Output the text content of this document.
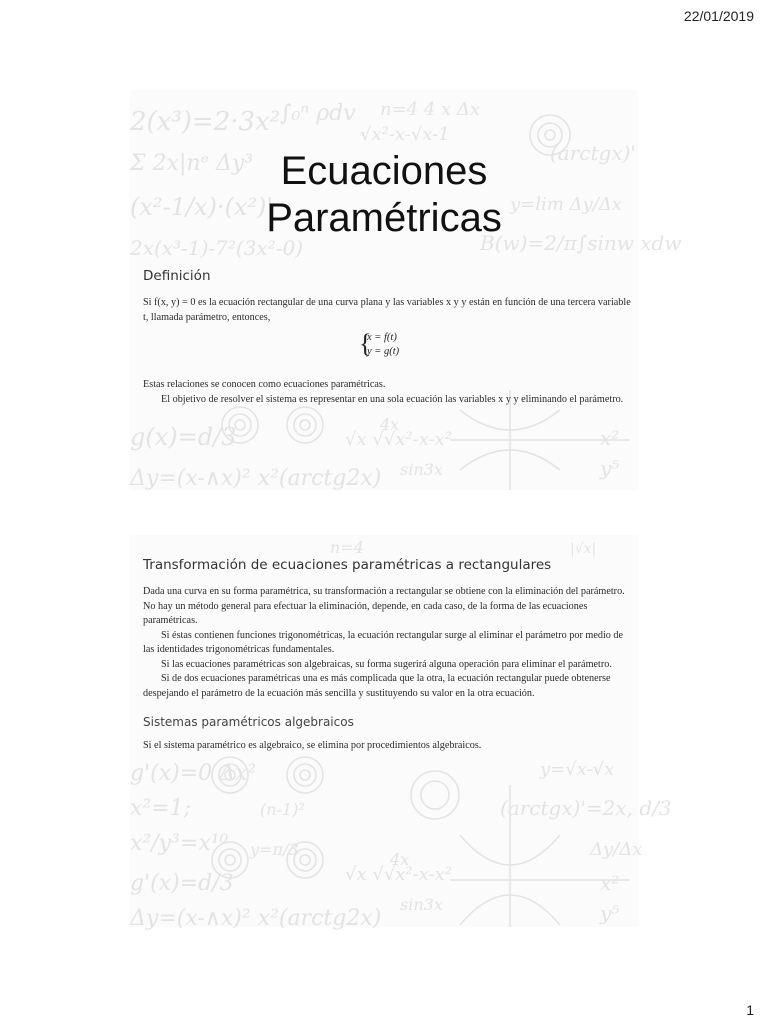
22/01/2019
2(x³)=2·3x² ∫₀ⁿ ρdv n=4 4 x Δx
√x²-x-√x-1
Σ 2x|nᵉ Δy³	(arctgx)'
(x²-1/x)·(x²)'	y=lim Δy/Δx
2x(x³-1)-7²(3x²-0)	B(w)=2/π∫sinw xdw
g(x)=d/3	4x
√x √√x²-x-x²
Δy=(x-∧x)² x²(arctg2x) sin3x
x²
y⁵
Ecuaciones
Paramétricas
Definición

Si f(x, y) = 0 es la ecuación rectangular de una curva plana y las variables x y y están en función de una tercera variable t, llamada parámetro, entonces,

{
x = f(t)
y = g(t)

Estas relaciones se conocen como ecuaciones paramétricas.

El objetivo de resolver el sistema es representar en una sola ecuación las variables x y y eliminando el parámetro.

n=4	|√x|
g'(x)=0 Δx²
x²=1;
x²/y³=x¹⁰
g'(x)=d/3
Δy=(x-∧x)² x²(arctg2x)
y=√x-√x
(arctgx)'=2x, d/3
Δy/Δx
(n-1)²
y=π/3
4x
√x √√x²-x-x²
sin3x
x²
y⁵
Transformación de ecuaciones paramétricas a rectangulares

Dada una curva en su forma paramétrica, su transformación a rectangular se obtiene con la eliminación del parámetro. No hay un método general para efectuar la eliminación, depende, en cada caso, de la forma de las ecuaciones paramétricas.

Si éstas contienen funciones trigonométricas, la ecuación rectangular surge al eliminar el parámetro por medio de las identidades trigonométricas fundamentales.

Si las ecuaciones paramétricas son algebraicas, su forma sugerirá alguna operación para eliminar el parámetro.

Si de dos ecuaciones paramétricas una es más complicada que la otra, la ecuación rectangular puede obtenerse despejando el parámetro de la ecuación más sencilla y sustituyendo su valor en la otra ecuación.

Sistemas paramétricos algebraicos

Si el sistema paramétrico es algebraico, se elimina por procedimientos algebraicos.

1
